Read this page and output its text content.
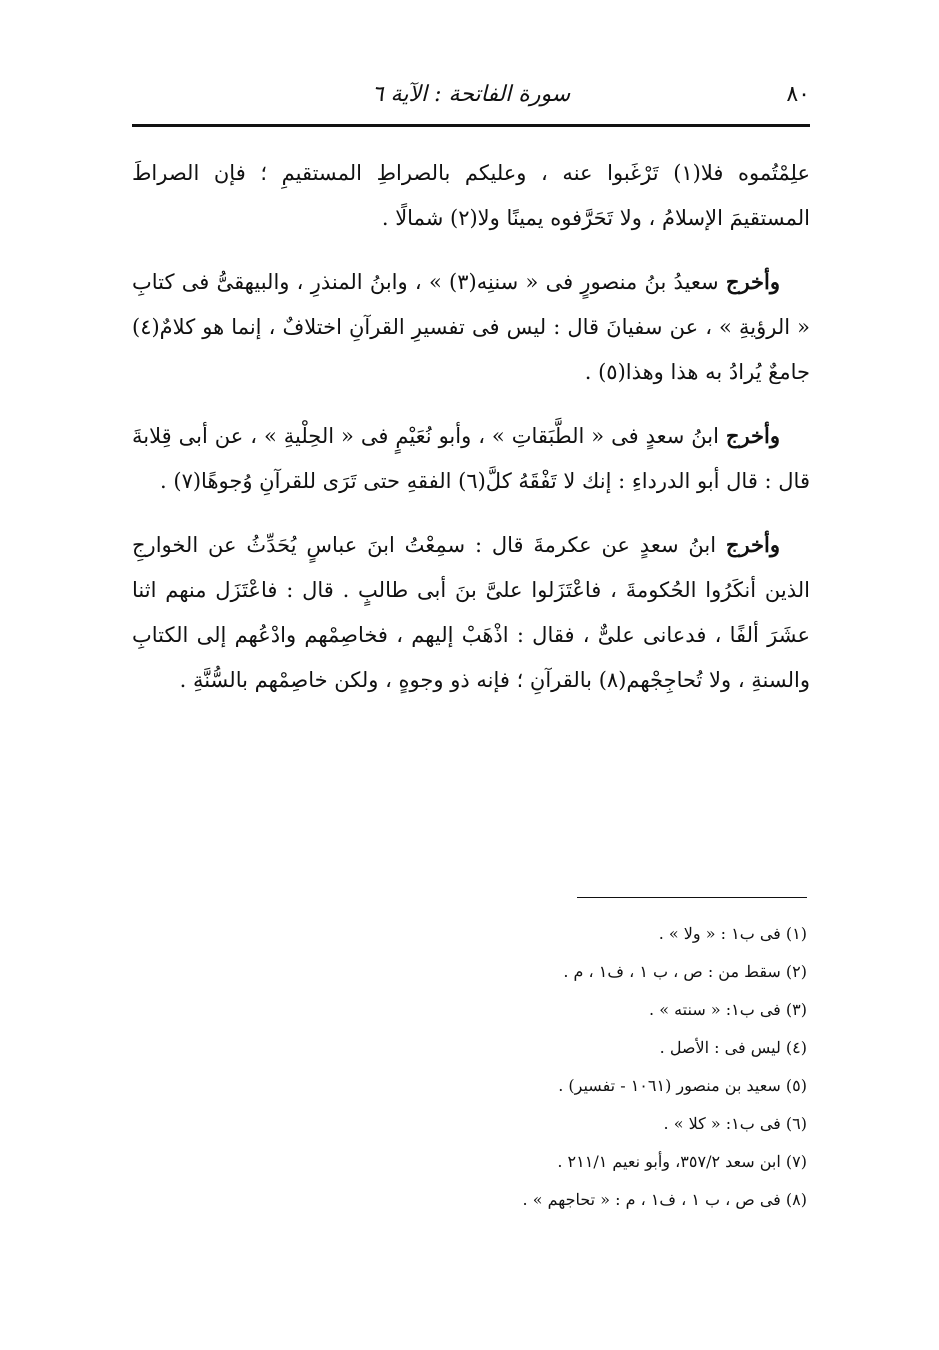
٨٠
سورة الفاتحة : الآية ٦

علِمْتُموه فلا(١) تَرْغَبوا عنه ، وعليكم بالصراطِ المستقيمِ ؛ فإن الصراطَ المستقيمَ الإسلامُ ، ولا تَحَرَّفوه يمينًا ولا(٢) شمالًا .

وأخرج سعيدُ بنُ منصورٍ فى « سننِه(٣) » ، وابنُ المنذرِ ، والبيهقىُّ فى كتابِ « الرؤيةِ » ، عن سفيانَ قال : ليس فى تفسيرِ القرآنِ اختلافٌ ، إنما هو كلامٌ(٤) جامعٌ يُرادُ به هذا وهذا(٥) .

وأخرج ابنُ سعدٍ فى « الطَّبَقاتِ » ، وأبو نُعَيْمٍ فى « الحِلْيةِ » ، عن أبى قِلابةَ قال : قال أبو الدرداءِ : إنك لا تَفْقَهُ كلَّ(٦) الفقهِ حتى تَرَى للقرآنِ وُجوهًا(٧) .

وأخرج ابنُ سعدٍ عن عكرمةَ قال : سمِعْتُ ابنَ عباسٍ يُحَدِّثُ عن الخوارجِ الذين أنكَرُوا الحُكومةَ ، فاعْتَزَلوا علىَّ بنَ أبى طالبٍ . قال : فاعْتَزَل منهم اثنا عشَرَ ألفًا ، فدعانى علىٌّ ، فقال : اذْهَبْ إليهم ، فخاصِمْهم وادْعُهم إلى الكتابِ والسنةِ ، ولا تُحاجِجْهم(٨) بالقرآنِ ؛ فإنه ذو وجوهٍ ، ولكن خاصِمْهم بالسُّنَّةِ .

(١) فى ب١ : « ولا » .
(٢) سقط من : ص ، ب ١ ، ف١ ، م .
(٣) فى ب١: « سنته » .
(٤) ليس فى : الأصل .
(٥) سعيد بن منصور (١٠٦١ - تفسير) .
(٦) فى ب١: « كلا » .
(٧) ابن سعد ٣٥٧/٢، وأبو نعيم ٢١١/١ .
(٨) فى ص ، ب ١ ، ف١ ، م : « تحاجهم » .
